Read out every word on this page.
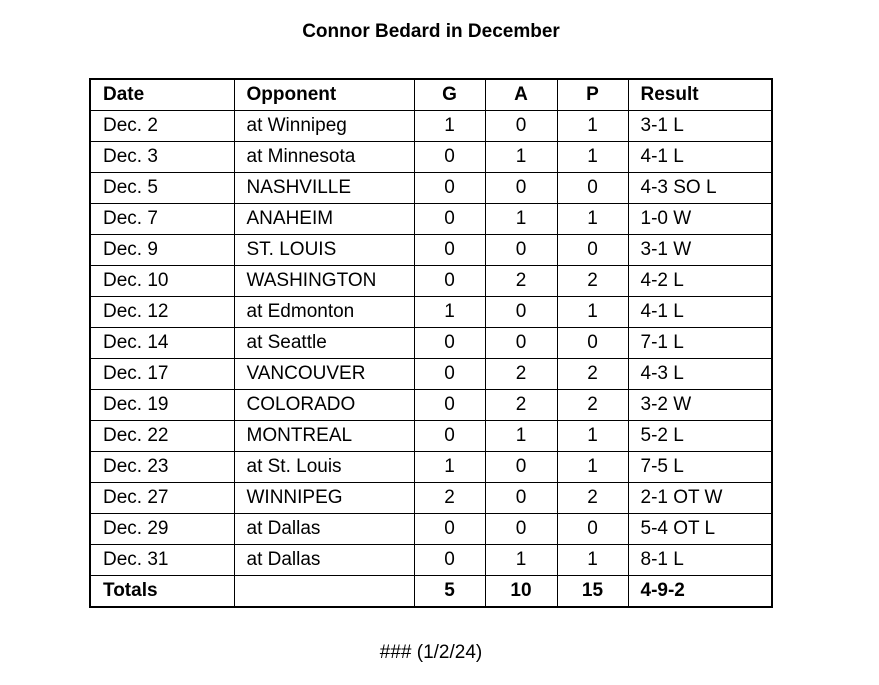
Connor Bedard in December
Date	Opponent	G	A	P	Result
Dec. 2	at Winnipeg	1	0	1	3-1 L
Dec. 3	at Minnesota	0	1	1	4-1 L
Dec. 5	NASHVILLE	0	0	0	4-3 SO L
Dec. 7	ANAHEIM	0	1	1	1-0 W
Dec. 9	ST. LOUIS	0	0	0	3-1 W
Dec. 10	WASHINGTON	0	2	2	4-2 L
Dec. 12	at Edmonton	1	0	1	4-1 L
Dec. 14	at Seattle	0	0	0	7-1 L
Dec. 17	VANCOUVER	0	2	2	4-3 L
Dec. 19	COLORADO	0	2	2	3-2 W
Dec. 22	MONTREAL	0	1	1	5-2 L
Dec. 23	at St. Louis	1	0	1	7-5 L
Dec. 27	WINNIPEG	2	0	2	2-1 OT W
Dec. 29	at Dallas	0	0	0	5-4 OT L
Dec. 31	at Dallas	0	1	1	8-1 L
Totals		5	10	15	4-9-2
### (1/2/24)
